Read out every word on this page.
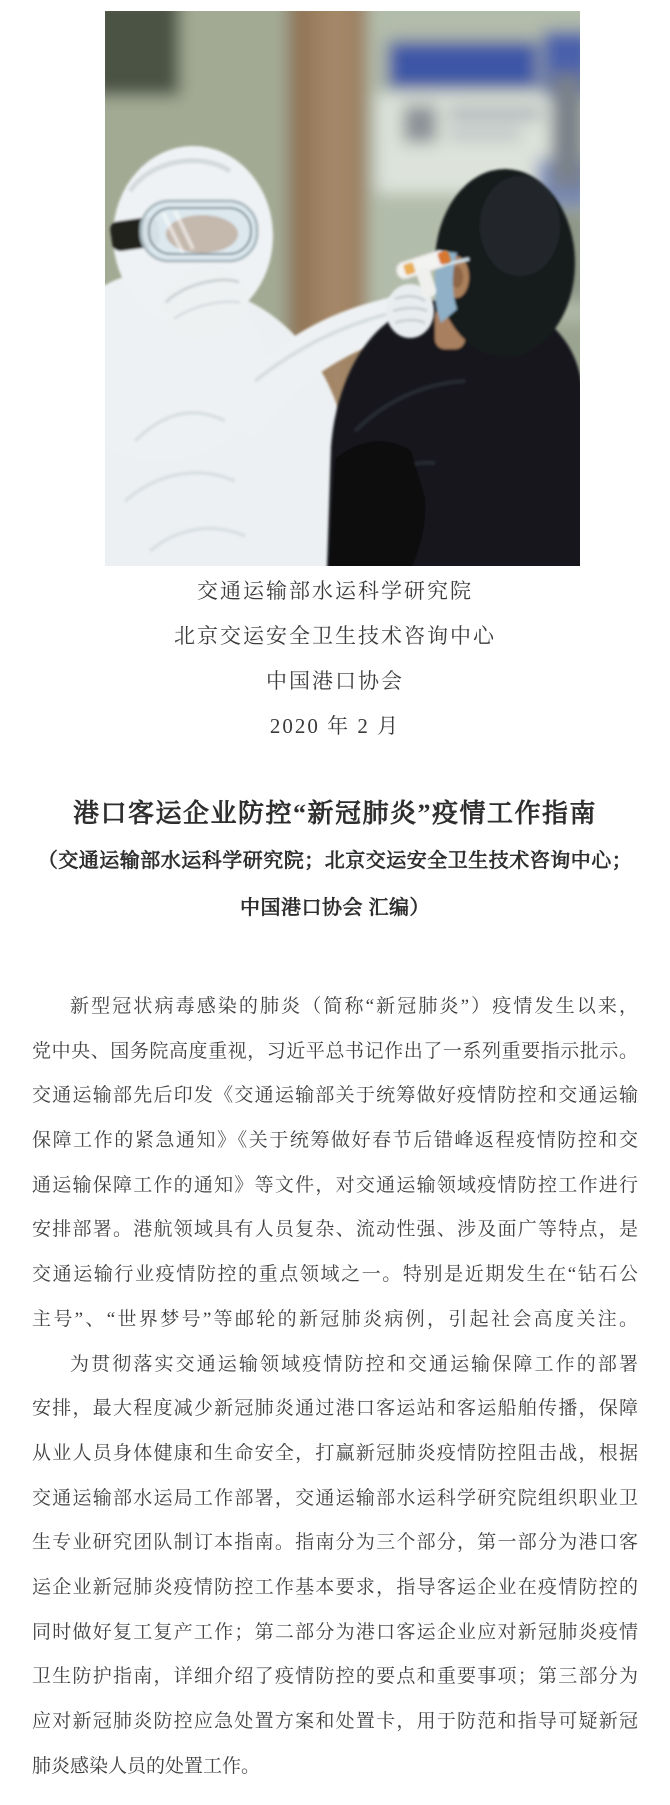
交通运输部水运科学研究院
北京交运安全卫生技术咨询中心
中国港口协会
2020 年 2 月
港口客运企业防控“新冠肺炎”疫情工作指南
（交通运输部水运科学研究院；北京交运安全卫生技术咨询中心；
中国港口协会 汇编）
新型冠状病毒感染的肺炎（简称“新冠肺炎”）疫情发生以来，
党中央、国务院高度重视，习近平总书记作出了一系列重要指示批示。
交通运输部先后印发《交通运输部关于统筹做好疫情防控和交通运输
保障工作的紧急通知》《关于统筹做好春节后错峰返程疫情防控和交
通运输保障工作的通知》等文件，对交通运输领域疫情防控工作进行
安排部署。港航领域具有人员复杂、流动性强、涉及面广等特点，是
交通运输行业疫情防控的重点领域之一。特别是近期发生在“钻石公
主号”、“世界梦号”等邮轮的新冠肺炎病例，引起社会高度关注。
为贯彻落实交通运输领域疫情防控和交通运输保障工作的部署
安排，最大程度减少新冠肺炎通过港口客运站和客运船舶传播，保障
从业人员身体健康和生命安全，打赢新冠肺炎疫情防控阻击战，根据
交通运输部水运局工作部署，交通运输部水运科学研究院组织职业卫
生专业研究团队制订本指南。指南分为三个部分，第一部分为港口客
运企业新冠肺炎疫情防控工作基本要求，指导客运企业在疫情防控的
同时做好复工复产工作；第二部分为港口客运企业应对新冠肺炎疫情
卫生防护指南，详细介绍了疫情防控的要点和重要事项；第三部分为
应对新冠肺炎防控应急处置方案和处置卡，用于防范和指导可疑新冠
肺炎感染人员的处置工作。
